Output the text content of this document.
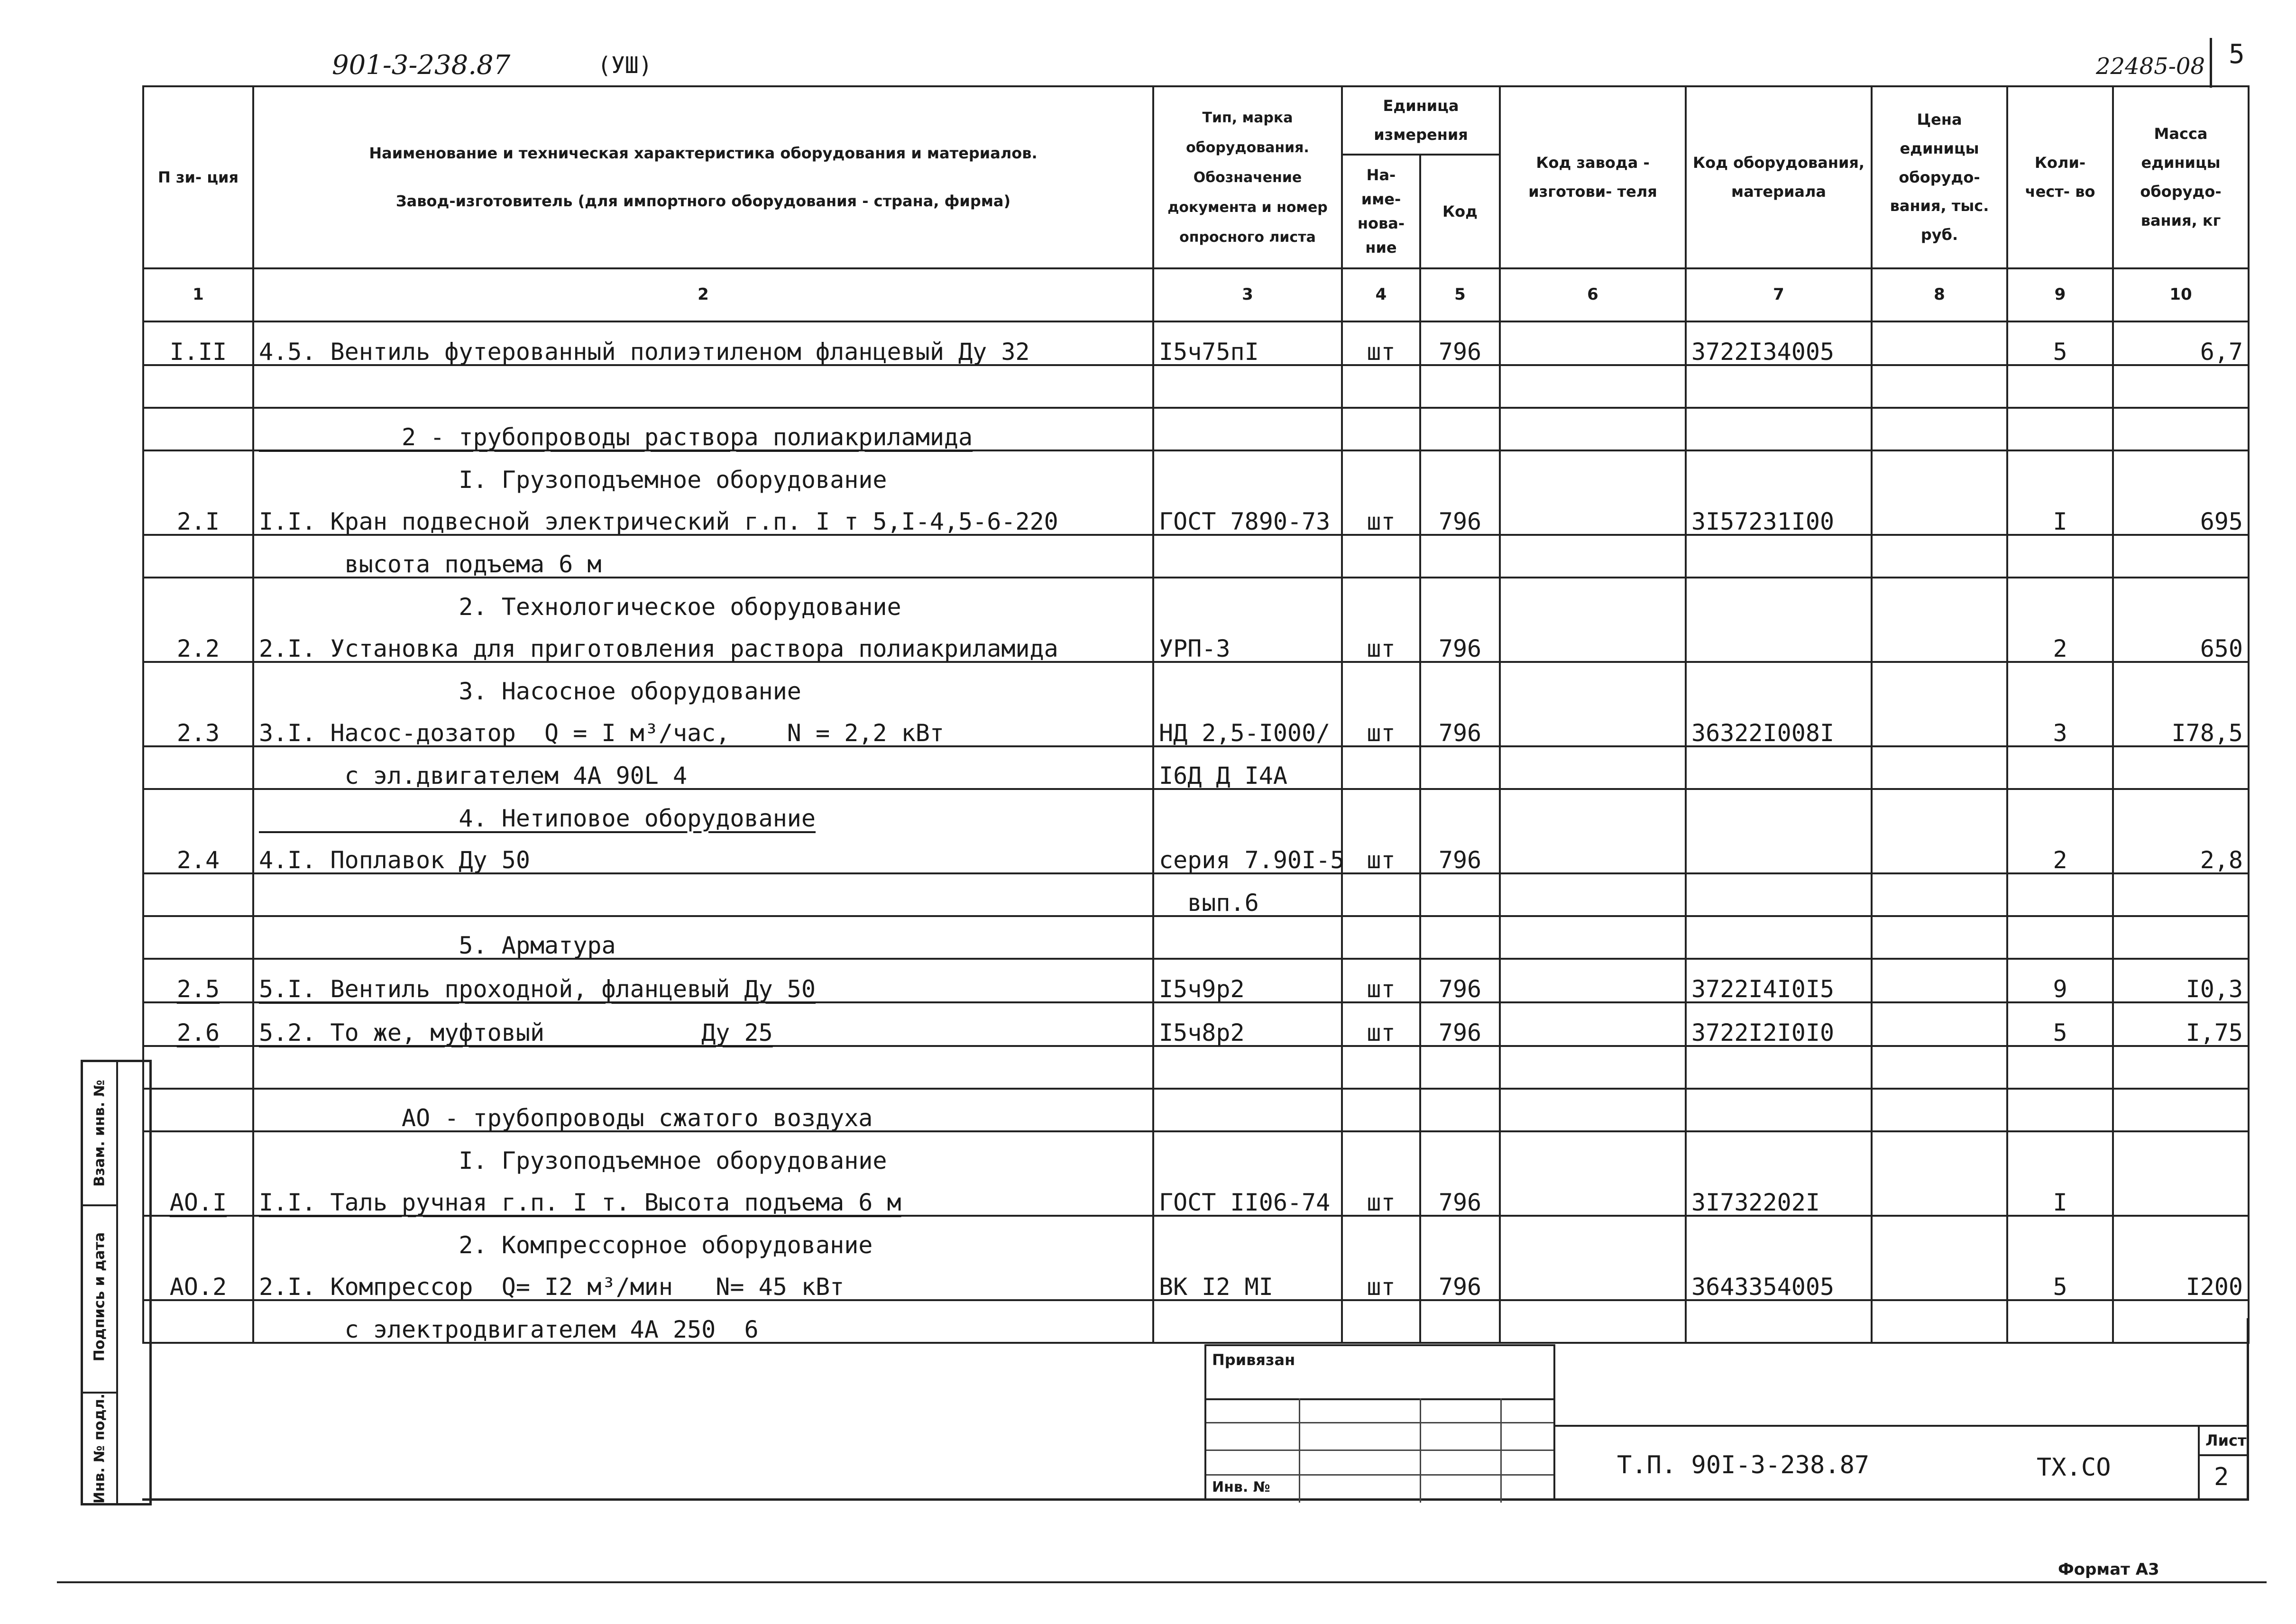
901-3-238.87	(УШ)	22485-08 5
П зи- ция	Наименование и техническая характеристика оборудования и материалов.
Завод-изготовитель (для импортного оборудования - страна, фирма)	Тип, марка оборудования. Обозначение документа и номер опросного листа	Единица измерения		Код завода - изготови- теля	Код оборудования, материала	Цена единицы оборудо- вания, тыс. руб.	Коли- чест- во	Масса единицы оборудо- вания, кг
			На- име- нова- ние	Код					
1	2	3	4	5	6	7	8	9	10
I.II	4.5. Вентиль футерованный полиэтиленом фланцевый Ду 32	I5ч75пI	шт	796		3722I34005		5	6,7

	2 - трубопроводы раствора полиакриламида								
	I. Грузоподъемное оборудование								
2.I	I.I. Кран подвесной электрический г.п. I т 5,I-4,5-6-220	ГОСТ 7890-73	шт	796		3I57231I00		I	695
	высота подъема 6 м								
	2. Технологическое оборудование								
2.2	2.I. Установка для приготовления раствора полиакриламида	УРП-3	шт	796				2	650
	3. Насосное оборудование								
2.3	3.I. Насос-дозатор  Q = I м³/час,    N = 2,2 кВт	НД 2,5-I000/	шт	796		36322I008I		3	I78,5
	с эл.двигателем 4А 90L 4	I6Д Д I4А							
	4. Нетиповое оборудование								
2.4	4.I. Поплавок Ду 50	серия 7.90I-5	шт	796				2	2,8
		вып.6							
	5. Арматура								
2.5	5.I. Вентиль проходной, фланцевый Ду 50	I5ч9р2	шт	796		3722I4I0I5		9	I0,3
2.6	5.2. То же, муфтовый           Ду 25	I5ч8р2	шт	796		3722I2I0I0		5	I,75

	АО - трубопроводы сжатого воздуха								
	I. Грузоподъемное оборудование								
АО.I	I.I. Таль ручная г.п. I т. Высота подъема 6 м	ГОСТ II06-74	шт	796		3I732202I		I	
	2. Компрессорное оборудование								
АО.2	2.I. Компрессор  Q= I2 м³/мин   N= 45 кВт	ВК I2 МI	шт	796		3643354005		5	I200
	с электродвигателем 4А 250  6								
Взам. инв. №
Подпись и дата
Инв. № подл.
Привязан
Инв. №
Т.П. 90I-3-238.87	ТХ.СО
Лист
2
Формат А3
